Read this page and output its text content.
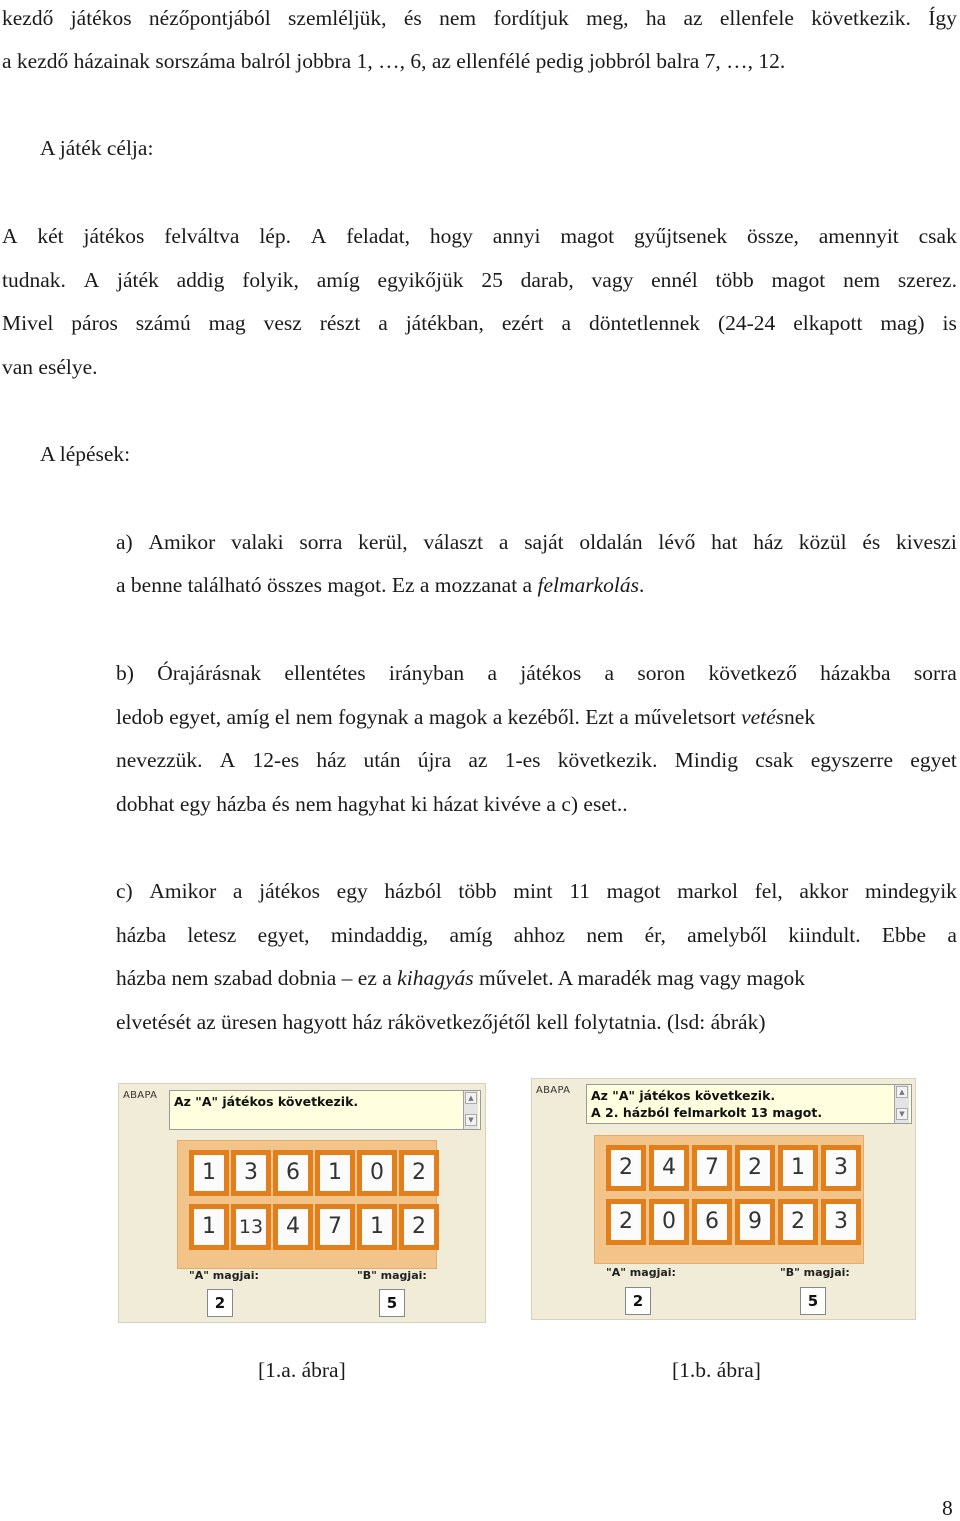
kezdő játékos nézőpontjából szemléljük, és nem fordítjuk meg, ha az ellenfele következik. Így
a kezdő házainak sorszáma balról jobbra 1, …, 6, az ellenfélé pedig jobbról balra 7, …, 12.
A játék célja:
A két játékos felváltva lép. A feladat, hogy annyi magot gyűjtsenek össze, amennyit csak
tudnak. A játék addig folyik, amíg egyikőjük 25 darab, vagy ennél több magot nem szerez.
Mivel páros számú mag vesz részt a játékban, ezért a döntetlennek (24-24 elkapott mag) is
van esélye.
A lépések:
a) Amikor valaki sorra kerül, választ a saját oldalán lévő hat ház közül és kiveszi
a benne található összes magot. Ez a mozzanat a felmarkolás.
b) Órajárásnak ellentétes irányban a játékos a soron következő házakba sorra
ledob egyet, amíg el nem fogynak a magok a kezéből. Ezt a műveletsort vetésnek
nevezzük. A 12-es ház után újra az 1-es következik. Mindig csak egyszerre egyet
dobhat egy házba és nem hagyhat ki házat kivéve a c) eset..
c) Amikor a játékos egy házból több mint 11 magot markol fel, akkor mindegyik
házba letesz egyet, mindaddig, amíg ahhoz nem ér, amelyből kiindult. Ebbe a
házba nem szabad dobnia – ez a kihagyás művelet. A maradék mag vagy magok
elvetését az üresen hagyott ház rákövetkezőjétől kell folytatnia. (lsd: ábrák)
ABAPA Az "A" játékos következik.	▲
▼
"A" magjai:	"B" magjai:
2	5
1	3	6	1	0	2
1	13	4	7	1	2
[1.a. ábra]
ABAPA Az "A" játékos következik.
A 2. házból felmarkolt 13 magot.
▲
▼
"A" magjai:	"B" magjai:
2	5
2	4	7	2	1	3
2	0	6	9	2	3
[1.b. ábra]
8
